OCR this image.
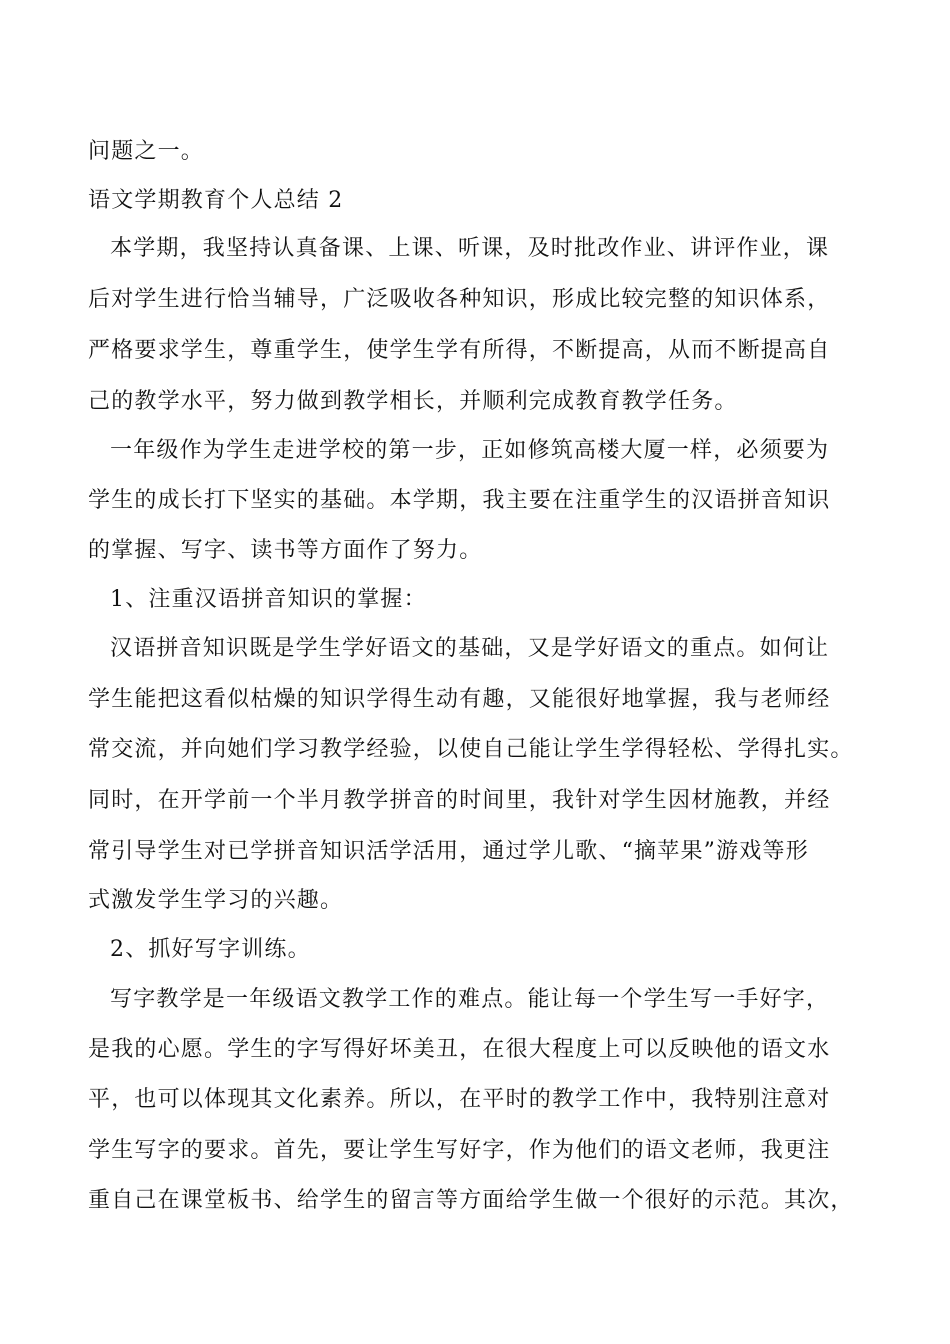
问题之一。

语文学期教育个人总结 2

本学期，我坚持认真备课、上课、听课，及时批改作业、讲评作业，课

后对学生进行恰当辅导，广泛吸收各种知识，形成比较完整的知识体系，

严格要求学生，尊重学生，使学生学有所得，不断提高，从而不断提高自

己的教学水平，努力做到教学相长，并顺利完成教育教学任务。

一年级作为学生走进学校的第一步，正如修筑高楼大厦一样，必须要为

学生的成长打下坚实的基础。本学期，我主要在注重学生的汉语拼音知识

的掌握、写字、读书等方面作了努力。

1、注重汉语拼音知识的掌握：

汉语拼音知识既是学生学好语文的基础，又是学好语文的重点。如何让

学生能把这看似枯燥的知识学得生动有趣，又能很好地掌握，我与老师经

常交流，并向她们学习教学经验，以使自己能让学生学得轻松、学得扎实。

同时，在开学前一个半月教学拼音的时间里，我针对学生因材施教，并经

常引导学生对已学拼音知识活学活用，通过学儿歌、“摘苹果”游戏等形

式激发学生学习的兴趣。

2、抓好写字训练。

写字教学是一年级语文教学工作的难点。能让每一个学生写一手好字，

是我的心愿。学生的字写得好坏美丑，在很大程度上可以反映他的语文水

平，也可以体现其文化素养。所以，在平时的教学工作中，我特别注意对

学生写字的要求。首先，要让学生写好字，作为他们的语文老师，我更注

重自己在课堂板书、给学生的留言等方面给学生做一个很好的示范。其次，
